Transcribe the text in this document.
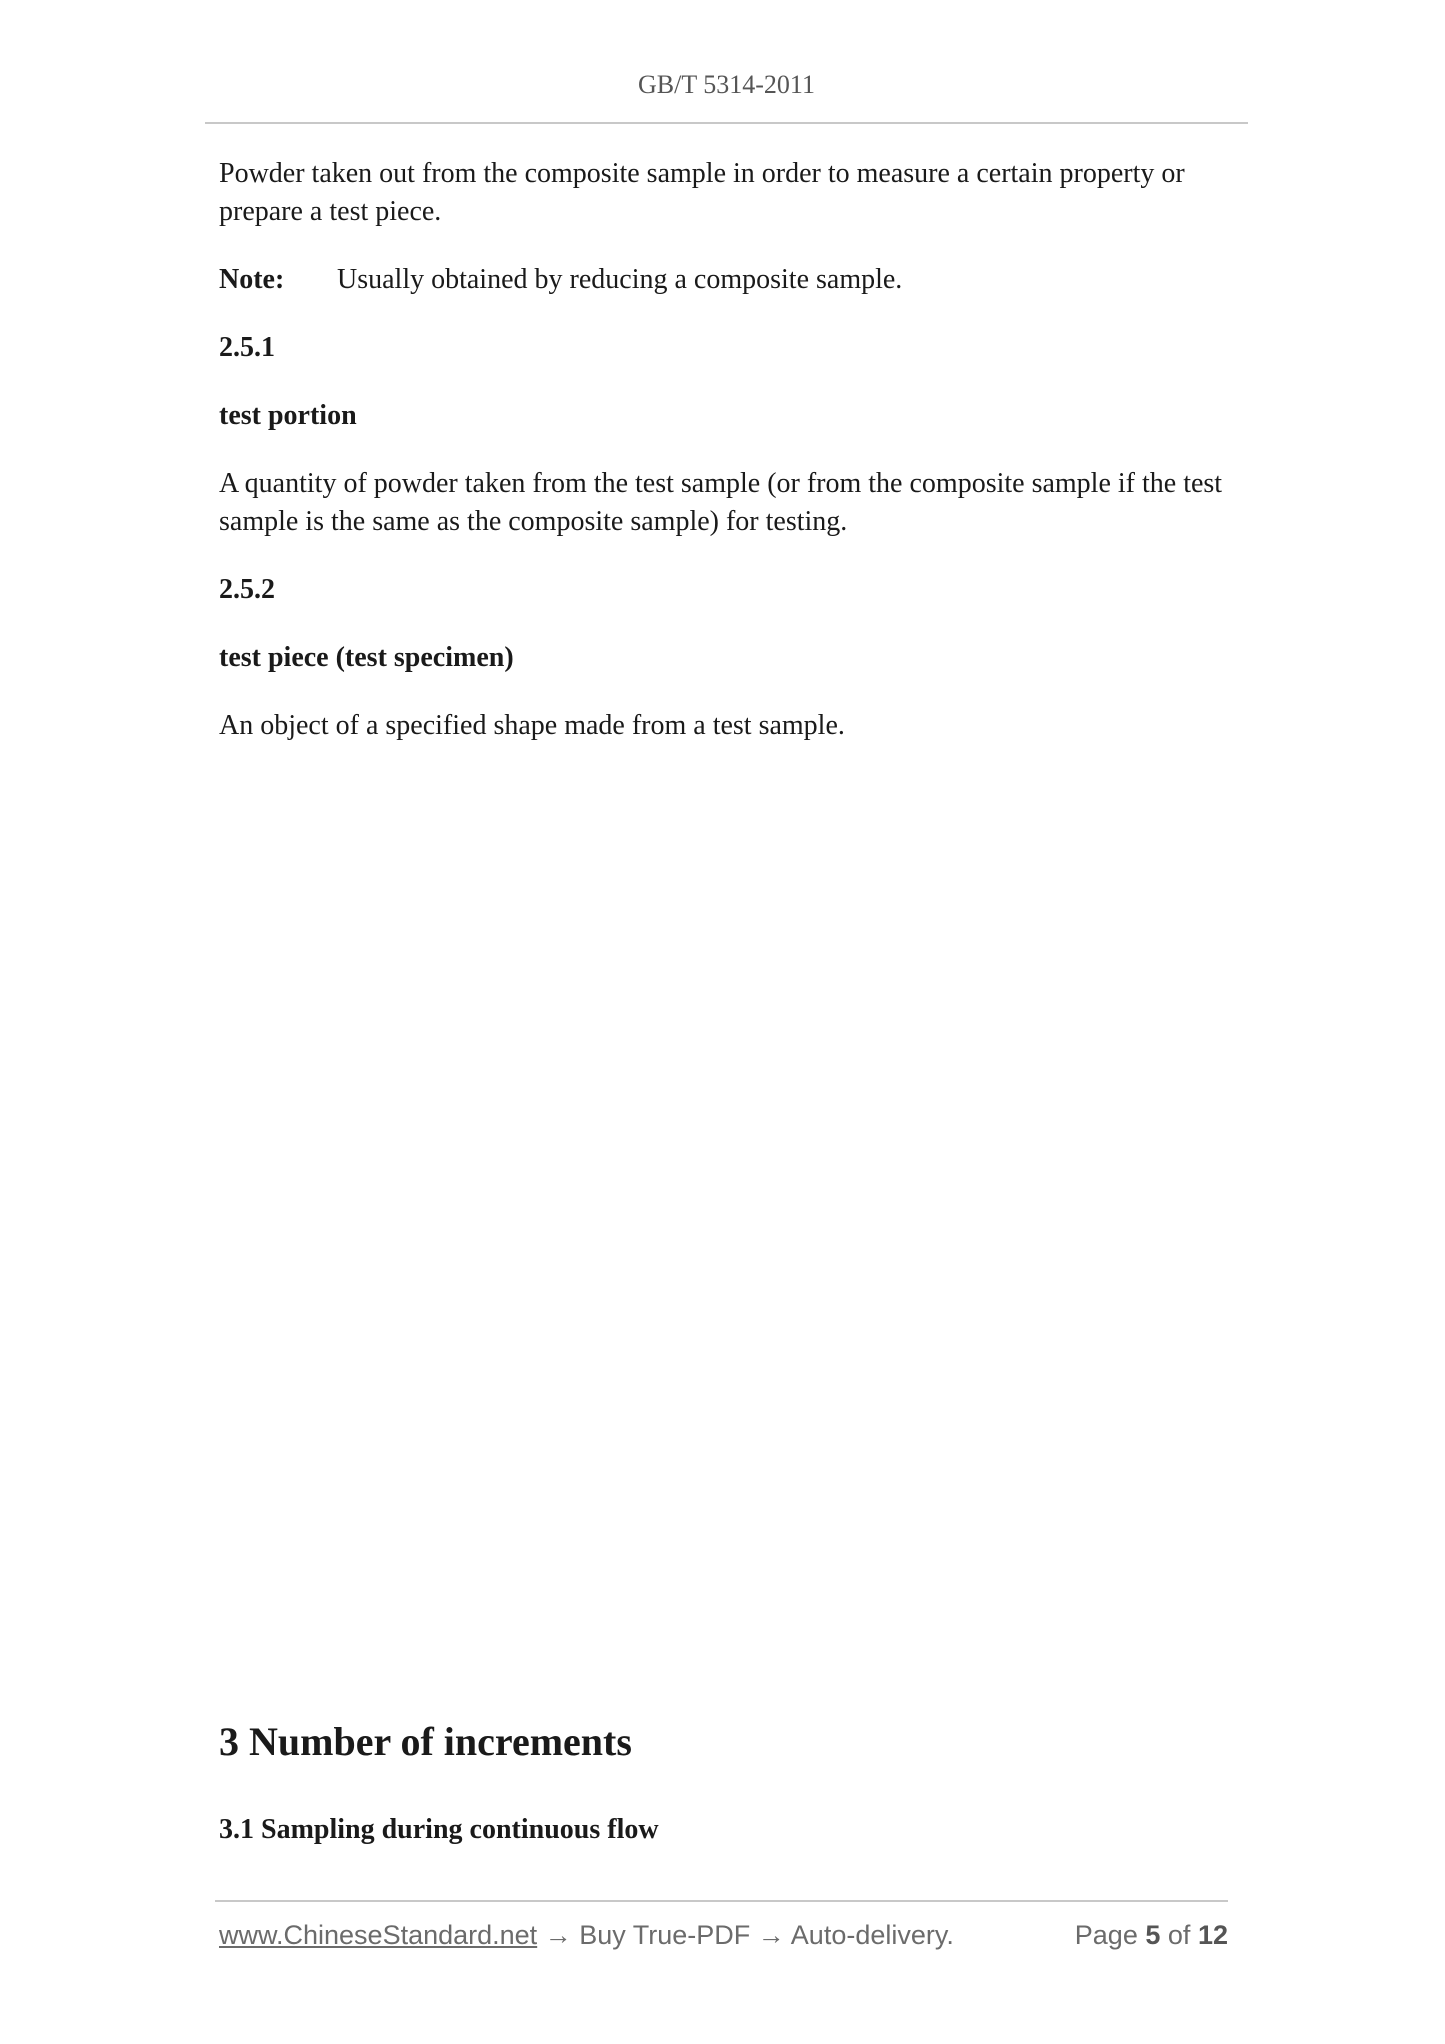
GB/T 5314-2011

Powder taken out from the composite sample in order to measure a certain property or prepare a test piece.

Note:	Usually obtained by reducing a composite sample.

2.5.1

test portion

A quantity of powder taken from the test sample (or from the composite sample if the test sample is the same as the composite sample) for testing.

2.5.2

test piece (test specimen)

An object of a specified shape made from a test sample.

3 Number of increments
3.1 Sampling during continuous flow
www.ChineseStandard.net → Buy True-PDF → Auto-delivery.	Page 5 of 12
